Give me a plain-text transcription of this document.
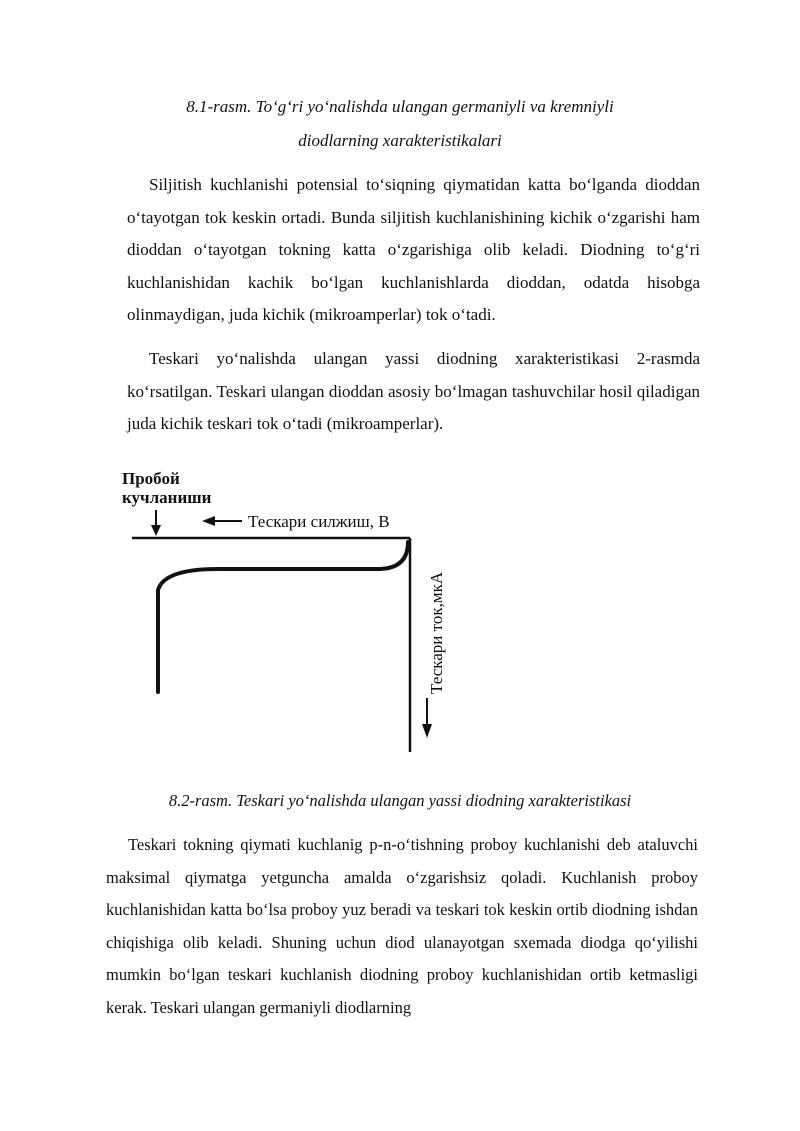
8.1-rasm. To‘g‘ri yo‘nalishda ulangan germaniyli va kremniyli

diodlarning xarakteristikalari

Siljitish kuchlanishi potensial to‘siqning qiymatidan katta bo‘lganda dioddan o‘tayotgan tok keskin ortadi. Bunda siljitish kuchlanishining kichik o‘zgarishi ham dioddan o‘tayotgan tokning katta o‘zgarishiga olib keladi. Diodning to‘g‘ri kuchlanishidan kachik bo‘lgan kuchlanishlarda dioddan, odatda hisobga olinmaydigan, juda kichik (mikroamperlar) tok o‘tadi.

Teskari yo‘nalishda ulangan yassi diodning xarakteristikasi 2-rasmda ko‘rsatilgan. Teskari ulangan dioddan asosiy bo‘lmagan tashuvchilar hosil qiladigan juda kichik teskari tok o‘tadi (mikroamperlar).

Пробой
кучланиши
Тескари силжиш, В
Тескари ток,мкА

8.2-rasm. Teskari yo‘nalishda ulangan yassi diodning xarakteristikasi

Teskari tokning qiymati kuchlanig p-n-o‘tishning proboy kuchlanishi deb ataluvchi maksimal qiymatga yetguncha amalda o‘zgarishsiz qoladi. Kuchlanish proboy kuchlanishidan katta bo‘lsa proboy yuz beradi va teskari tok keskin ortib diodning ishdan chiqishiga olib keladi. Shuning uchun diod ulanayotgan sxemada diodga qo‘yilishi mumkin bo‘lgan teskari kuchlanish diodning proboy kuchlanishidan ortib ketmasligi kerak. Teskari ulangan germaniyli diodlarning
